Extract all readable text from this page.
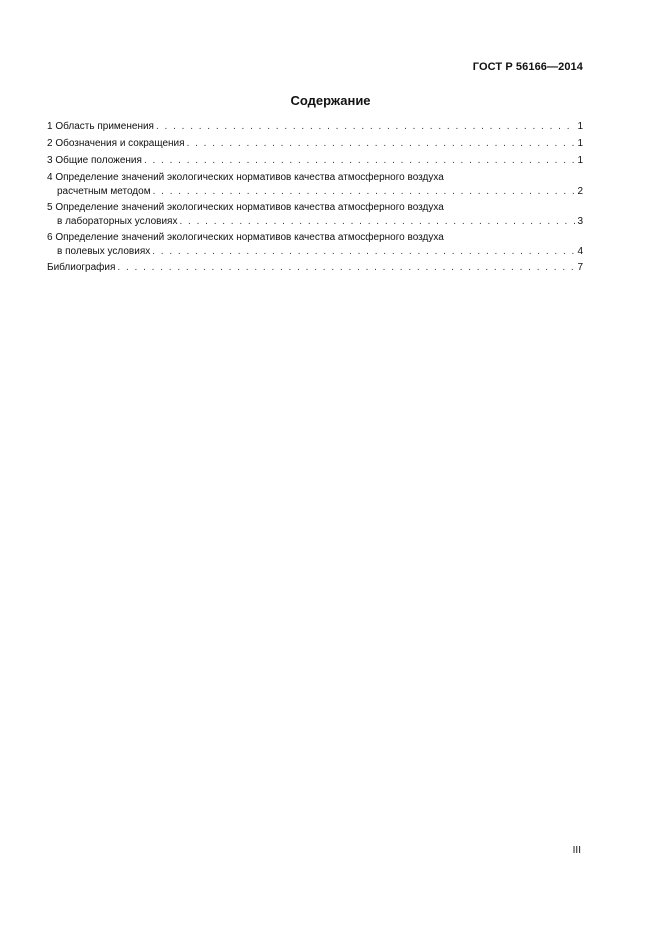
ГОСТ Р 56166—2014
Содержание
1 Область применения . . .	1
2 Обозначения и сокращения . . .	1
3 Общие положения . . .	1
4 Определение значений экологических нормативов качества атмосферного воздуха
расчетным методом . . .	2
5 Определение значений экологических нормативов качества атмосферного воздуха
в лабораторных условиях . . .	3
6 Определение значений экологических нормативов качества атмосферного воздуха
в полевых условиях . . .	4
Библиография . . .	7
III
